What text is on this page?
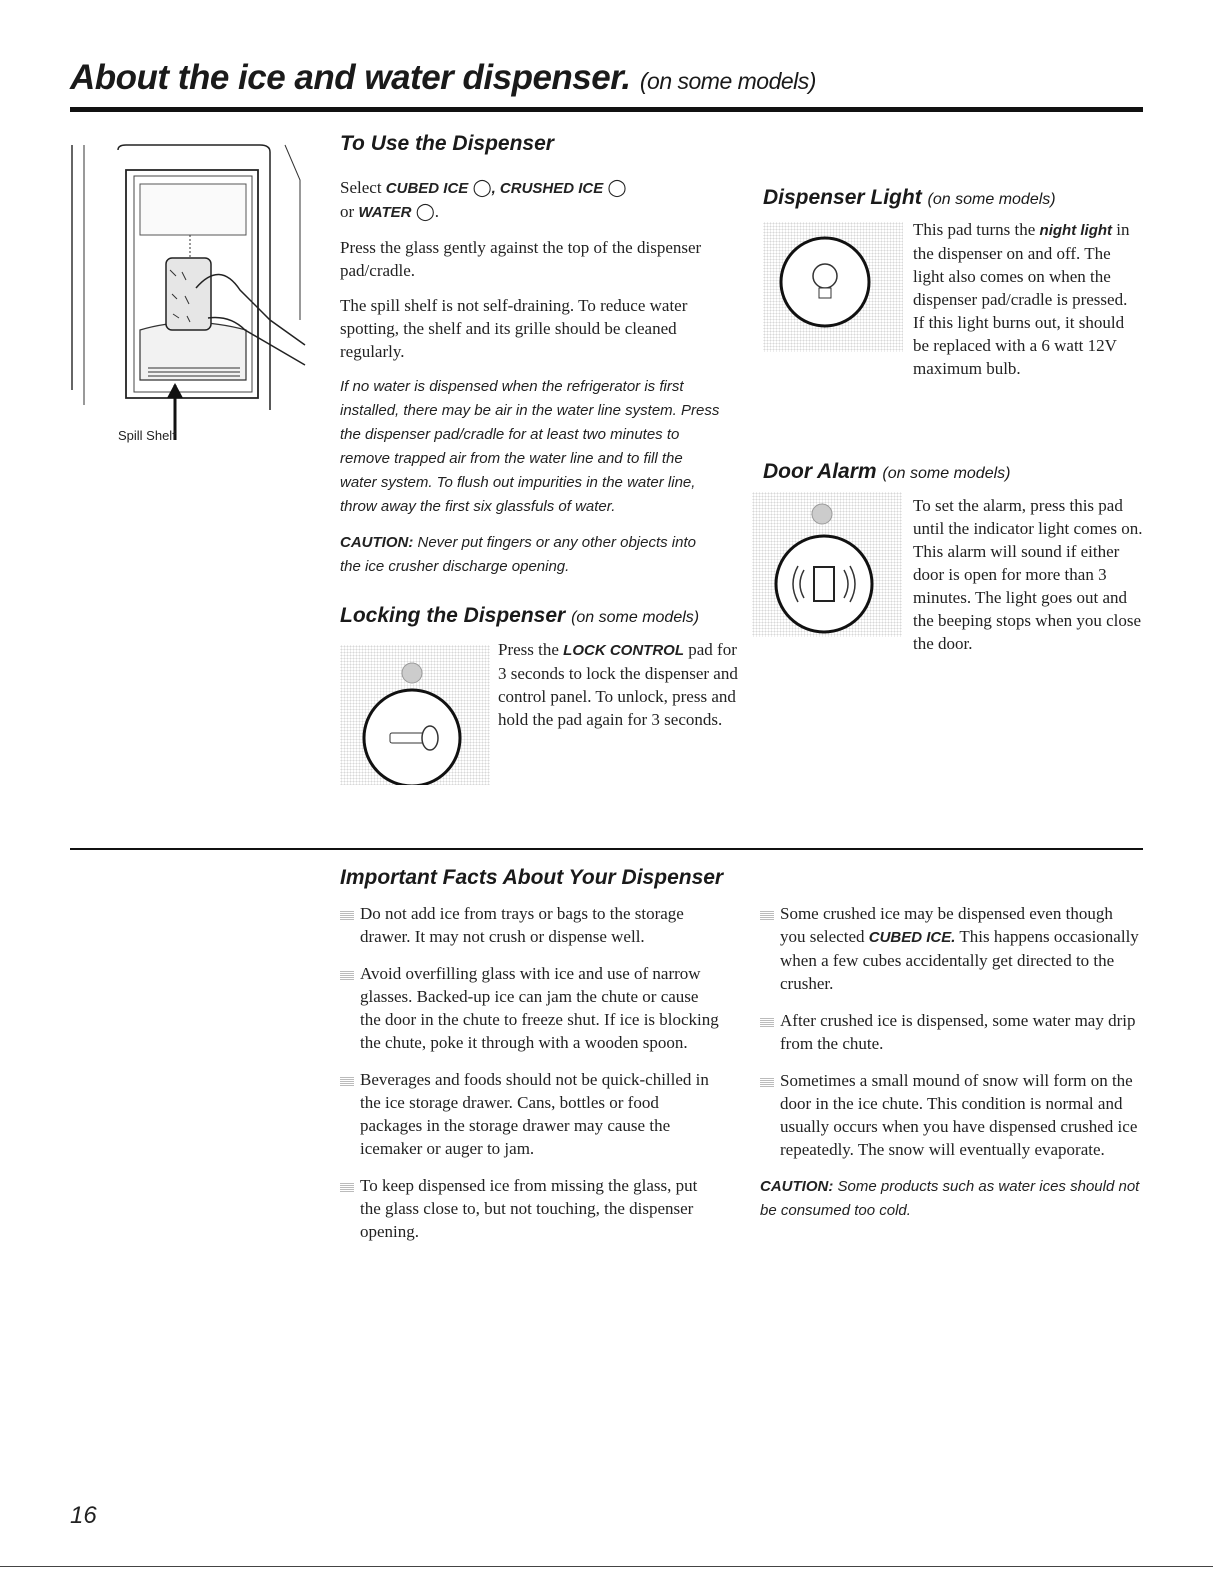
About the ice and water dispenser. (on some models)
Spill Shelf
To Use the Dispenser

Select CUBED ICE ◯, CRUSHED ICE ◯
or WATER ◯.

Press the glass gently against the top of the dispenser pad/cradle.

The spill shelf is not self-draining. To reduce water spotting, the shelf and its grille should be cleaned regularly.

If no water is dispensed when the refrigerator is first installed, there may be air in the water line system. Press the dispenser pad/cradle for at least two minutes to remove trapped air from the water line and to fill the water system. To flush out impurities in the water line, throw away the first six glassfuls of water.
CAUTION: Never put fingers or any other objects into the ice crusher discharge opening.
Locking the Dispenser (on some models)
Press the LOCK CONTROL pad for 3 seconds to lock the dispenser and control panel. To unlock, press and hold the pad again for 3 seconds.
Dispenser Light (on some models)
This pad turns the night light in the dispenser on and off. The light also comes on when the dispenser pad/cradle is pressed. If this light burns out, it should be replaced with a 6 watt 12V maximum bulb.
Door Alarm (on some models)
To set the alarm, press this pad until the indicator light comes on. This alarm will sound if either door is open for more than 3 minutes. The light goes out and the beeping stops when you close the door.
Important Facts About Your Dispenser
Do not add ice from trays or bags to the storage drawer. It may not crush or dispense well.
Avoid overfilling glass with ice and use of narrow glasses. Backed-up ice can jam the chute or cause the door in the chute to freeze shut. If ice is blocking the chute, poke it through with a wooden spoon.
Beverages and foods should not be quick-chilled in the ice storage drawer. Cans, bottles or food packages in the storage drawer may cause the icemaker or auger to jam.
To keep dispensed ice from missing the glass, put the glass close to, but not touching, the dispenser opening.
Some crushed ice may be dispensed even though you selected CUBED ICE. This happens occasionally when a few cubes accidentally get directed to the crusher.
After crushed ice is dispensed, some water may drip from the chute.
Sometimes a small mound of snow will form on the door in the ice chute. This condition is normal and usually occurs when you have dispensed crushed ice repeatedly. The snow will eventually evaporate.
CAUTION: Some products such as water ices should not be consumed too cold.
16
